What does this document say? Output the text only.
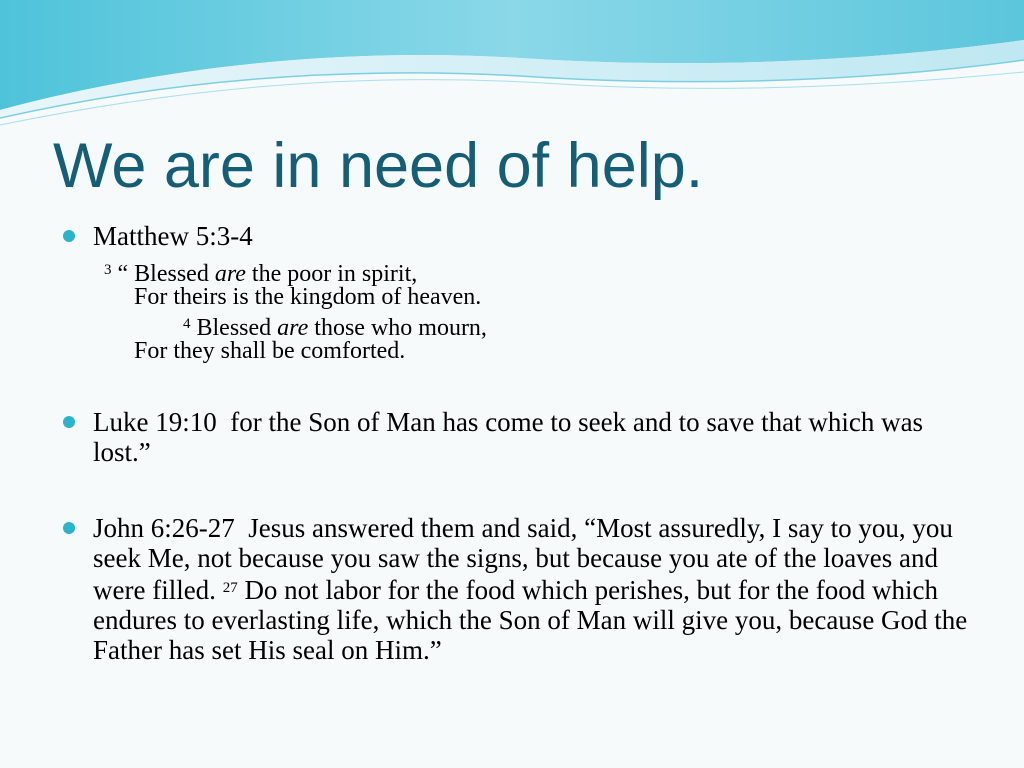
We are in need of help.
Matthew 5:3-4
$^3$ “ Blessed are the poor in spirit,
For theirs is the kingdom of heaven.
$^4$ Blessed are those who mourn,
For they shall be comforted.
Luke 19:10 for the Son of Man has come to seek and to save that which was lost.”
John 6:26-27 Jesus answered them and said, “Most assuredly, I say to you, you seek Me, not because you saw the signs, but because you ate of the loaves and were filled. $^{27}$ Do not labor for the food which perishes, but for the food which endures to everlasting life, which the Son of Man will give you, because God the Father has set His seal on Him.”
